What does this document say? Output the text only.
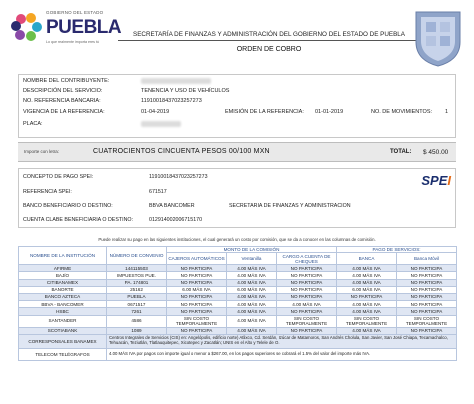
GOBIERNO DEL ESTADO
PUEBLA
Lo que realmente importa eres tú
SECRETARÍA DE FINANZAS Y ADMINISTRACIÓN DEL GOBIERNO DEL ESTADO DE PUEBLA
ORDEN DE COBRO
NOMBRE DEL CONTRIBUYENTE:
DESCRIPCIÓN DEL SERVICIO:	TENENCIA Y USO DE VEHÍCULOS
NO. REFERENCIA BANCARIA:	11910018437023257273
VIGENCIA DE LA REFERENCIA:	01-04-2019	EMISIÓN DE LA REFERENCIA: 01-01-2019	NO. DE MOVIMIENTOS: 1
PLACA:
Importe con letra:	CUATROCIENTOS CINCUENTA PESOS 00/100 MXN	TOTAL: $ 450.00
CONCEPTO DE PAGO SPEI:	11910018437023257273
REFERENCIA SPEI:	671517
BANCO BENEFICIARIO O DESTINO:	BBVA BANCOMER	SECRETARIA DE FINANZAS Y ADMINISTRACION
CUENTA CLABE BENEFICIARIA O DESTINO:	012914002006715170
SPEI
Puede realizar su pago en las siguientes instituciones, el cual generará un costo por comisión, que se da a conocer en las columnas de comisión.
NOMBRE DE LA INSTITUCIÓN	NÚMERO DE CONVENIO	MONTO DE LA COMISIÓN			PAGO DE SERVICIOS:	
		CAJEROS AUTOMÁTICOS	Ventanilla	CARGO A CUENTA DE CHEQUES	BANCA	Banca Móvil
AFIRME	144115503	NO PARTICIPA	4.00 MÁS IVA	NO PARTICIPA	4.00 MÁS IVA	NO PARTICIPA
BAJÍO	IMPUESTOS PUE.	NO PARTICIPA	4.00 MÁS IVA	NO PARTICIPA	4.00 MÁS IVA	NO PARTICIPA
CITIBANAMEX	PA. 174801	NO PARTICIPA	4.00 MÁS IVA	NO PARTICIPA	4.00 MÁS IVA	NO PARTICIPA
BANORTE	25162	6.00 MÁS IVA	6.00 MÁS IVA	NO PARTICIPA	6.00 MÁS IVA	NO PARTICIPA
BANCO AZTECA	PUEBLA	NO PARTICIPA	4.00 MÁS IVA	NO PARTICIPA	NO PARTICIPA	NO PARTICIPA
BBVA - BANCOMER	0671517	NO PARTICIPA	4.00 MÁS IVA	4.00 MÁS IVA	4.00 MÁS IVA	NO PARTICIPA
HSBC	7261	NO PARTICIPA	4.00 MÁS IVA	NO PARTICIPA	4.00 MÁS IVA	NO PARTICIPA
SANTANDER	4586	SIN COSTO TEMPORALMENTE	4.00 MÁS IVA	SIN COSTO TEMPORALMENTE	SIN COSTO TEMPORALMENTE	SIN COSTO TEMPORALMENTE
SCOTIABANK	1089	NO PARTICIPA	4.00 MÁS IVA	NO PARTICIPA	4.00 MÁS IVA	NO PARTICIPA
CORRESPONSALES BANAMEX	Centros Integrales de Servicios (CIS) en: Angelópolis, edificio norte) Atlixco, Cd. Serdán, Izúcar de Matamoros, San Andrés Cholula, San Javier, San José Chiapa, Tecamachalco, Tehuacán, Teziutlán, Tlatlauquitepec, Xicotepec y Zacatlán; UNIS en el Alto y Telele de O.					
TELECOM TELÉGRAFOS	4.00 MÁS IVA por pagos con importe igual o menor a $267.00, en los pagos superiores se cobrará el 1.5% del valor del importe más IVA.					
